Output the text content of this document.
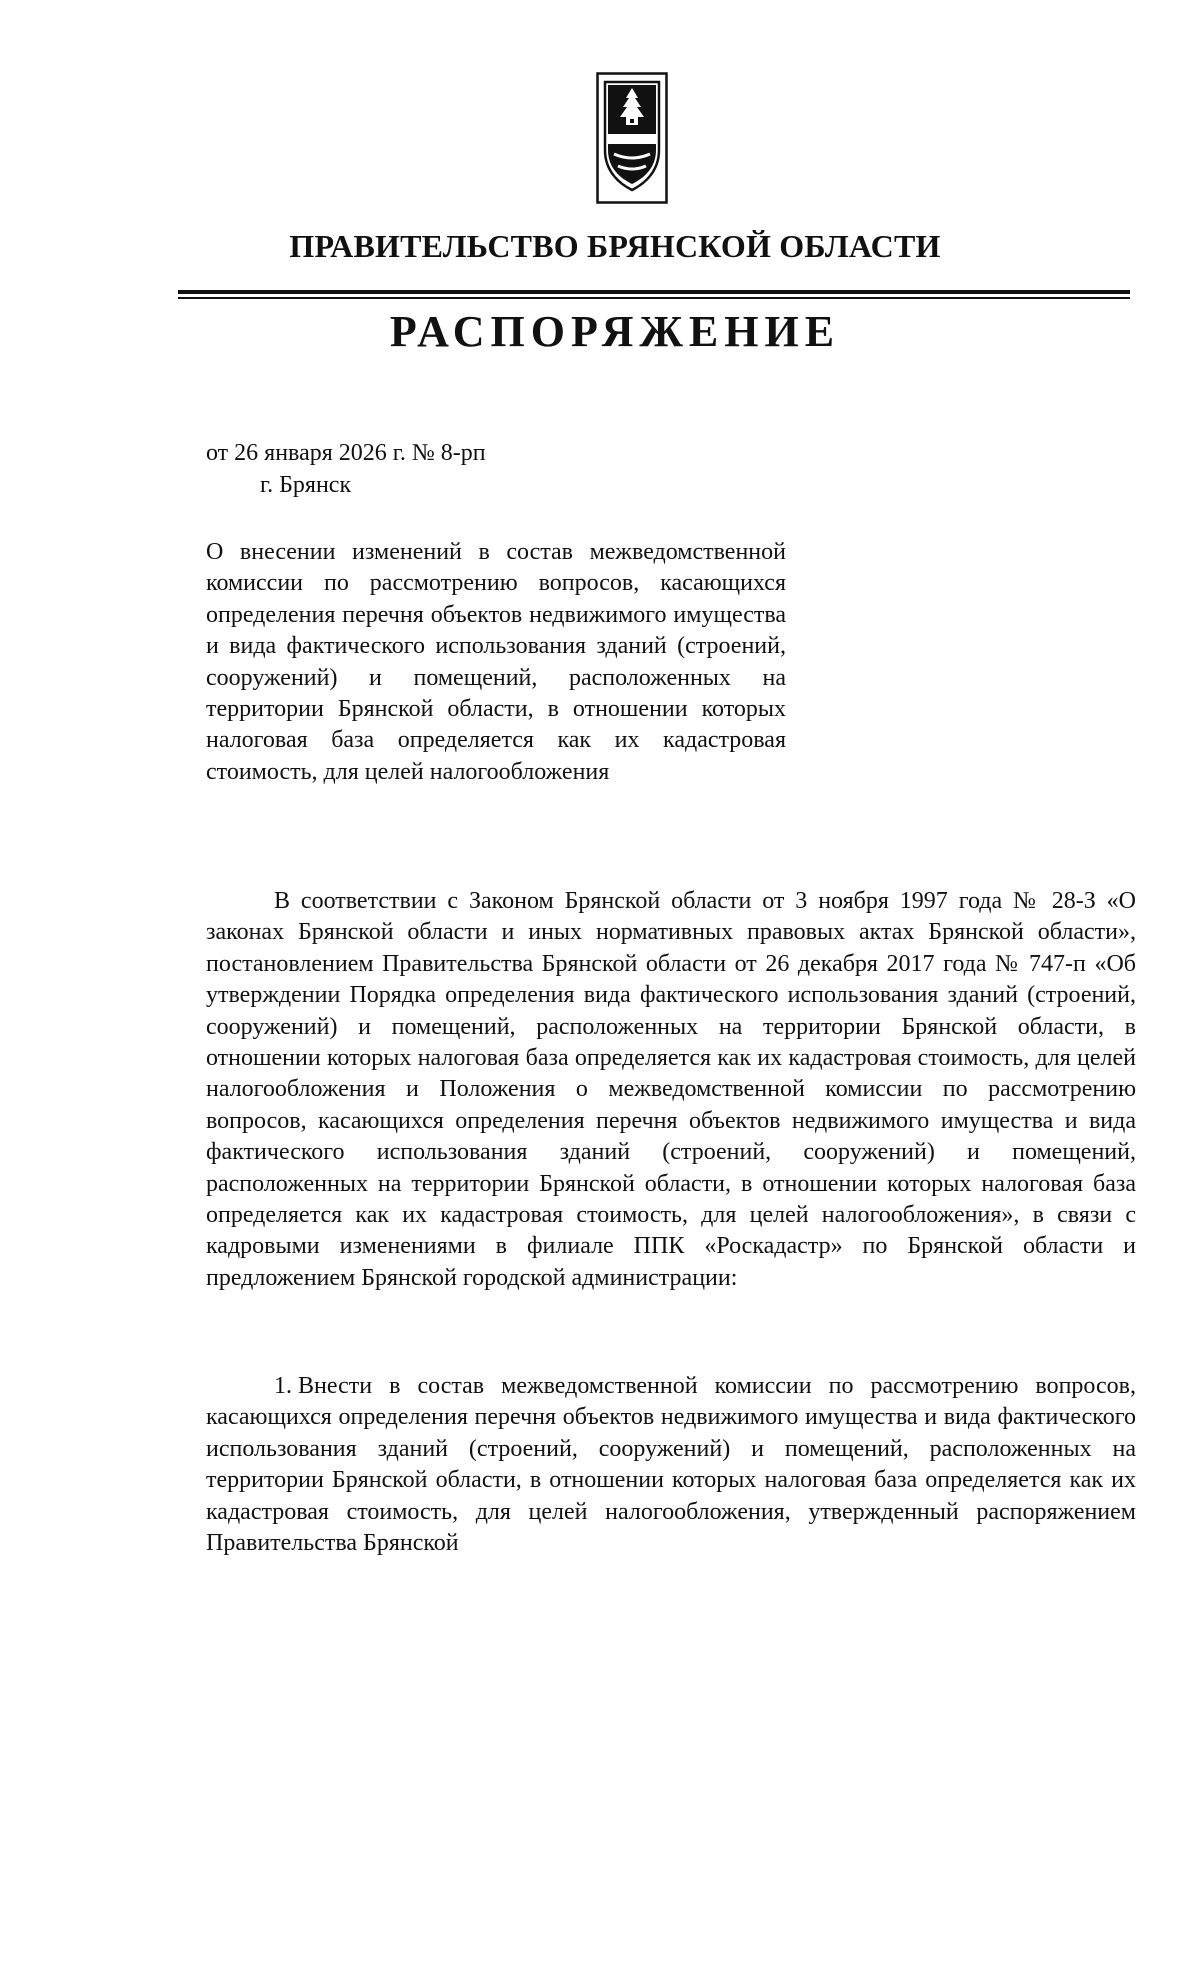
ПРАВИТЕЛЬСТВО БРЯНСКОЙ ОБЛАСТИ
РАСПОРЯЖЕНИЕ
от 26 января 2026 г. № 8-рп
г. Брянск
О внесении изменений в состав межведомственной комиссии по рассмотрению вопросов, касающихся определения перечня объектов недвижимого имущества и вида фактического использования зданий (строений, сооружений) и помещений, расположенных на территории Брянской области, в отношении которых налоговая база определяется как их кадастровая стоимость, для целей налогообложения
В соответствии с Законом Брянской области от 3 ноября 1997 года № 28-З «О законах Брянской области и иных нормативных правовых актах Брянской области», постановлением Правительства Брянской области от 26 декабря 2017 года № 747-п «Об утверждении Порядка определения вида фактического использования зданий (строений, сооружений) и помещений, расположенных на территории Брянской области, в отношении которых налоговая база определяется как их кадастровая стоимость, для целей налогообложения и Положения о межведомственной комиссии по рассмотрению вопросов, касающихся определения перечня объектов недвижимого имущества и вида фактического использования зданий (строений, сооружений) и помещений, расположенных на территории Брянской области, в отношении которых налоговая база определяется как их кадастровая стоимость, для целей налогообложения», в связи с кадровыми изменениями в филиале ППК «Роскадастр» по Брянской области и предложением Брянской городской администрации:
1. Внести в состав межведомственной комиссии по рассмотрению вопросов, касающихся определения перечня объектов недвижимого имущества и вида фактического использования зданий (строений, сооружений) и помещений, расположенных на территории Брянской области, в отношении которых налоговая база определяется как их кадастровая стоимость, для целей налогообложения, утвержденный распоряжением Правительства Брянской
